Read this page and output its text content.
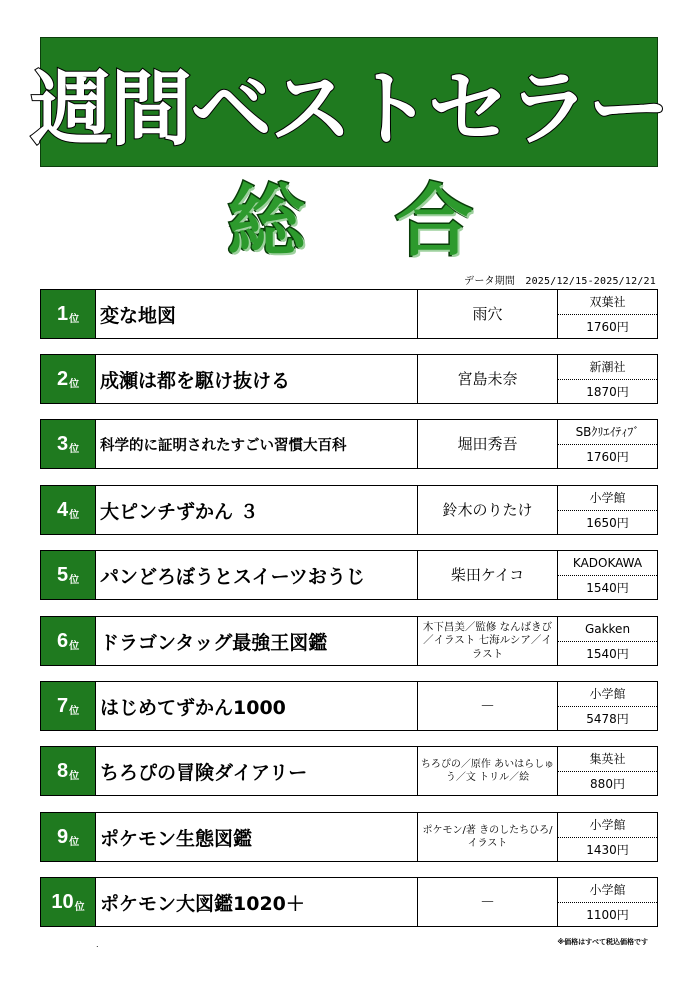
週間ベストセラー
総合
データ期間 2025/12/15-2025/12/21
1 位 変な地図	雨穴
双葉社
1760円
2 位 成瀬は都を駆け抜ける	宮島未奈
新潮社
1870円
3 位 科学的に証明されたすごい習慣大百科	堀田秀吾
SBｸﾘｴｲﾃｨﾌﾞ
1760円
4 位 大ピンチずかん ３	鈴木のりたけ
小学館
1650円
5 位 パンどろぼうとスイーツおうじ	柴田ケイコ
KADOKAWA
1540円
6 位 ドラゴンタッグ最強王図鑑
木下昌美／監修 なんばきび／イラスト 七海ルシア／イラスト
Gakken
1540円
7 位 はじめてずかん1000	－
小学館
5478円
8 位 ちろぴの冒険ダイアリー	ちろぴの／原作 あいはらしゅう／文 トリル／絵
集英社
880円
9 位 ポケモン生態図鑑	ポケモン/著 きのしたちひろ/イラスト
小学館
1430円
10 位 ポケモン大図鑑1020＋	－
小学館
1100円
.	※価格はすべて税込価格です
